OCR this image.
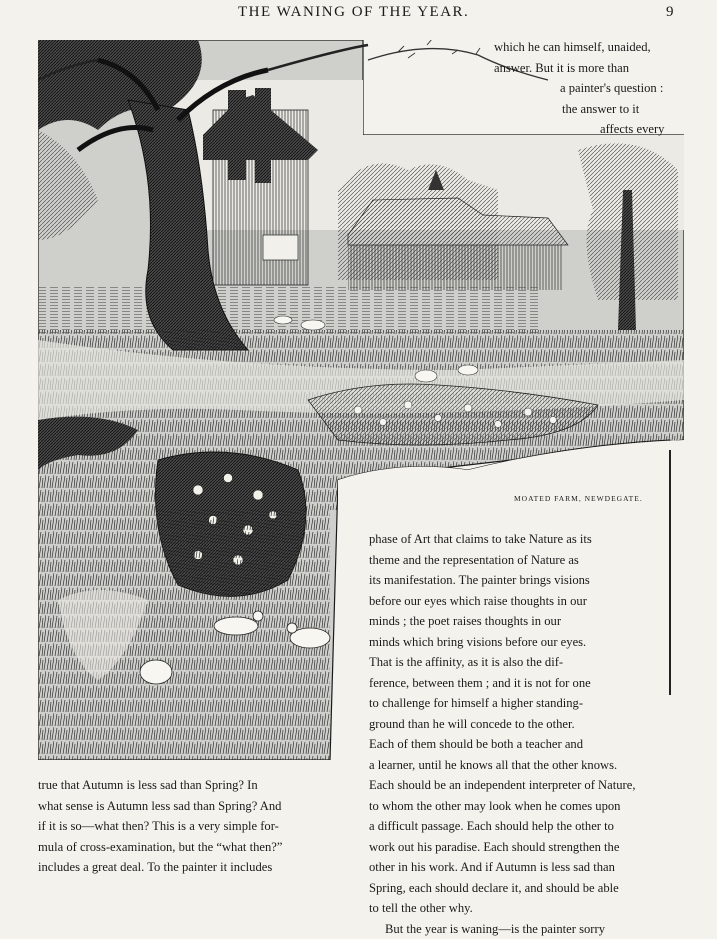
THE WANING OF THE YEAR.	9
MOATED FARM, NEWDEGATE.
which he can himself, unaided,
answer. But it is more than
a painter's question :
the answer to it
affects every
phase of Art that claims to take Nature as its
theme and the representation of Nature as
its manifestation. The painter brings visions
before our eyes which raise thoughts in our
minds ; the poet raises thoughts in our
minds which bring visions before our eyes.
That is the affinity, as it is also the dif-
ference, between them ; and it is not for one
to challenge for himself a higher standing-
ground than he will concede to the other.
Each of them should be both a teacher and
a learner, until he knows all that the other knows.
Each should be an independent interpreter of Nature,
to whom the other may look when he comes upon
a difficult passage. Each should help the other to
work out his paradise. Each should strengthen the
other in his work. And if Autumn is less sad than
Spring, each should declare it, and should be able
to tell the other why.
But the year is waning—is the painter sorry
true that Autumn is less sad than Spring? In
what sense is Autumn less sad than Spring? And
if it is so—what then? This is a very simple for-
mula of cross-examination, but the “what then?”
includes a great deal. To the painter it includes
